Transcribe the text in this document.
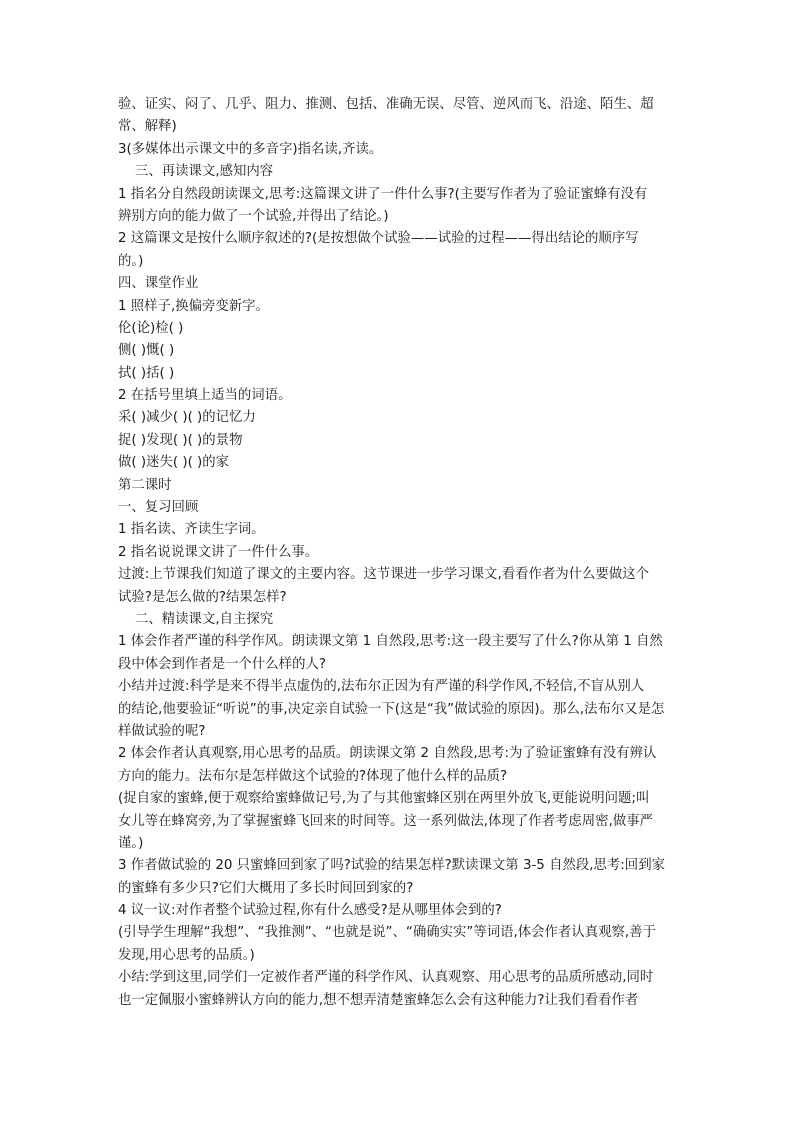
验、证实、闷了、几乎、阻力、推测、包括、准确无误、尽管、逆风而飞、沿途、陌生、超
常、解释)
3(多媒体出示课文中的多音字)指名读,齐读。
三、再读课文,感知内容
1 指名分自然段朗读课文,思考:这篇课文讲了一件什么事?(主要写作者为了验证蜜蜂有没有
辨别方向的能力做了一个试验,并得出了结论。)
2 这篇课文是按什么顺序叙述的?(是按想做个试验——试验的过程——得出结论的顺序写
的。)
四、课堂作业
1 照样子,换偏旁变新字。
伦(论)检( )
侧( )慨( )
拭( )括( )
2 在括号里填上适当的词语。
采( )减少( )( )的记忆力
捉( )发现( )( )的景物
做( )迷失( )( )的家
第二课时
一、复习回顾
1 指名读、齐读生字词。
2 指名说说课文讲了一件什么事。
过渡:上节课我们知道了课文的主要内容。这节课进一步学习课文,看看作者为什么要做这个
试验?是怎么做的?结果怎样?
二、精读课文,自主探究
1 体会作者严谨的科学作风。朗读课文第 1 自然段,思考:这一段主要写了什么?你从第 1 自然
段中体会到作者是一个什么样的人?
小结并过渡:科学是来不得半点虚伪的,法布尔正因为有严谨的科学作风,不轻信,不盲从别人
的结论,他要验证“听说”的事,决定亲自试验一下(这是“我”做试验的原因)。那么,法布尔又是怎
样做试验的呢?
2 体会作者认真观察,用心思考的品质。朗读课文第 2 自然段,思考:为了验证蜜蜂有没有辨认
方向的能力。法布尔是怎样做这个试验的?体现了他什么样的品质?
(捉自家的蜜蜂,便于观察给蜜蜂做记号,为了与其他蜜蜂区别在两里外放飞,更能说明问题;叫
女儿等在蜂窝旁,为了掌握蜜蜂飞回来的时间等。这一系列做法,体现了作者考虑周密,做事严
谨。)
3 作者做试验的 20 只蜜蜂回到家了吗?试验的结果怎样?默读课文第 3-5 自然段,思考:回到家
的蜜蜂有多少只?它们大概用了多长时间回到家的?
4 议一议:对作者整个试验过程,你有什么感受?是从哪里体会到的?
(引导学生理解“我想”、“我推测”、“也就是说”、“确确实实”等词语,体会作者认真观察,善于
发现,用心思考的品质。)
小结:学到这里,同学们一定被作者严谨的科学作风、认真观察、用心思考的品质所感动,同时
也一定佩服小蜜蜂辨认方向的能力,想不想弄清楚蜜蜂怎么会有这种能力?让我们看看作者
